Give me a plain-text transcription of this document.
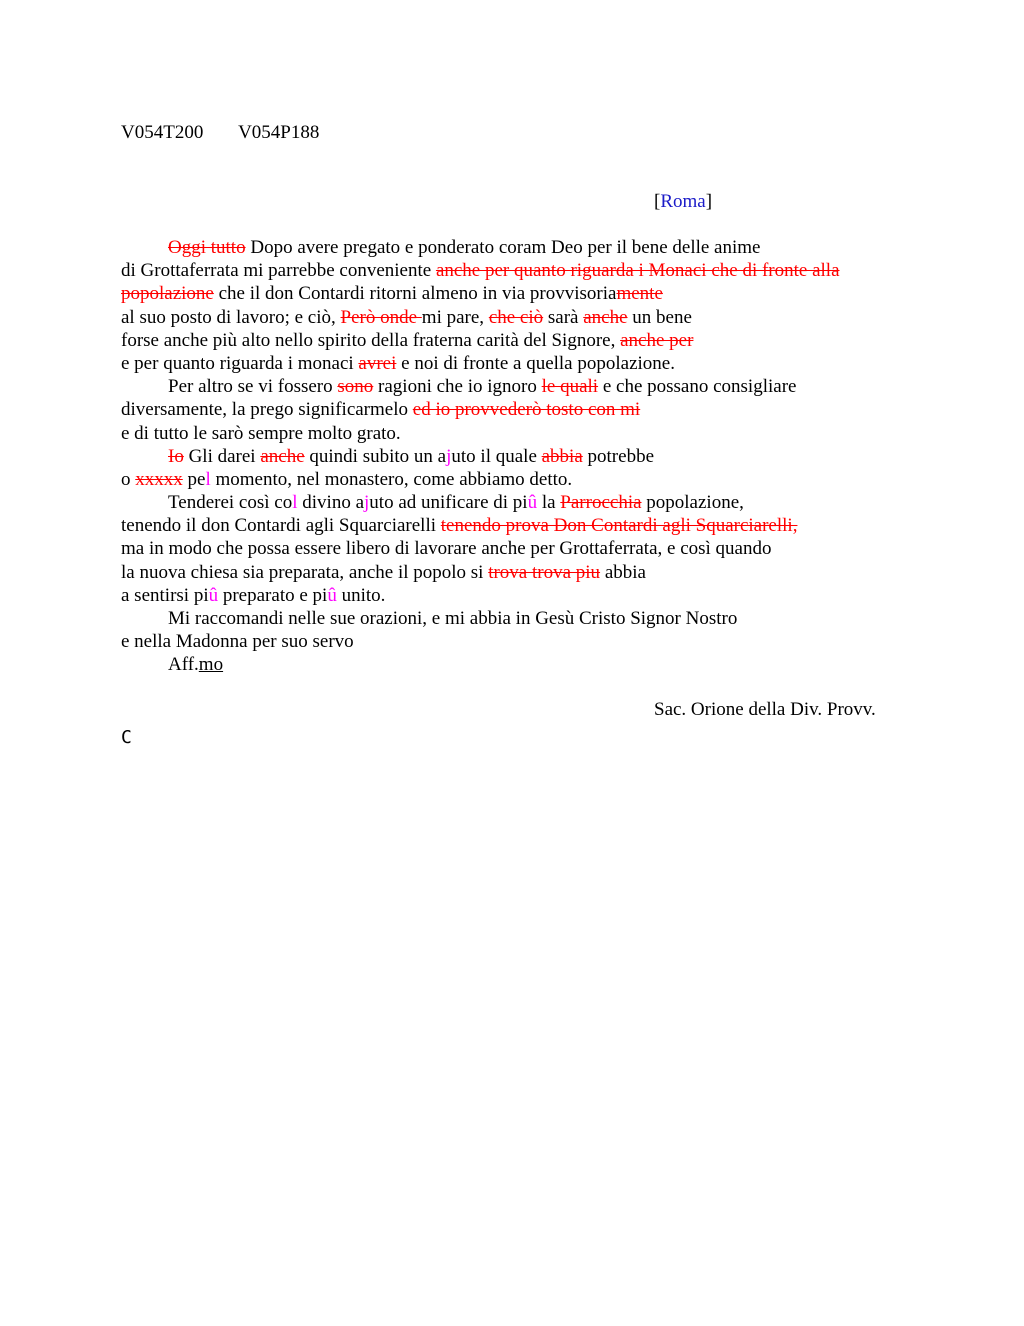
V054T200 V054P188
[Roma]
Oggi tutto Dopo avere pregato e ponderato coram Deo per il bene delle anime
di Grottaferrata mi parrebbe conveniente anche per quanto riguarda i Monaci che di fronte alla
popolazione che il don Contardi ritorni almeno in via provvisoriamente
al suo posto di lavoro; e ciò, Però onde mi pare, che ciò sarà anche un bene
forse anche più alto nello spirito della fraterna carità del Signore, anche per
e per quanto riguarda i monaci avrei e noi di fronte a quella popolazione.
Per altro se vi fossero sono ragioni che io ignoro le quali e che possano consigliare
diversamente, la prego significarmelo ed io provvederò tosto con mi
e di tutto le sarò sempre molto grato.
Io Gli darei anche quindi subito un ajuto il quale abbia potrebbe
o xxxxx pel momento, nel monastero, come abbiamo detto.
Tenderei così col divino ajuto ad unificare di piû la Parrocchia popolazione,
tenendo il don Contardi agli Squarciarelli tenendo prova Don Contardi agli Squarciarelli,
ma in modo che possa essere libero di lavorare anche per Grottaferrata, e così quando
la nuova chiesa sia preparata, anche il popolo si trova trova piu abbia
a sentirsi piû preparato e piû unito.
Mi raccomandi nelle sue orazioni, e mi abbia in Gesù Cristo Signor Nostro
e nella Madonna per suo servo
Aff.mo
Sac. Orione della Div. Provv.
C
